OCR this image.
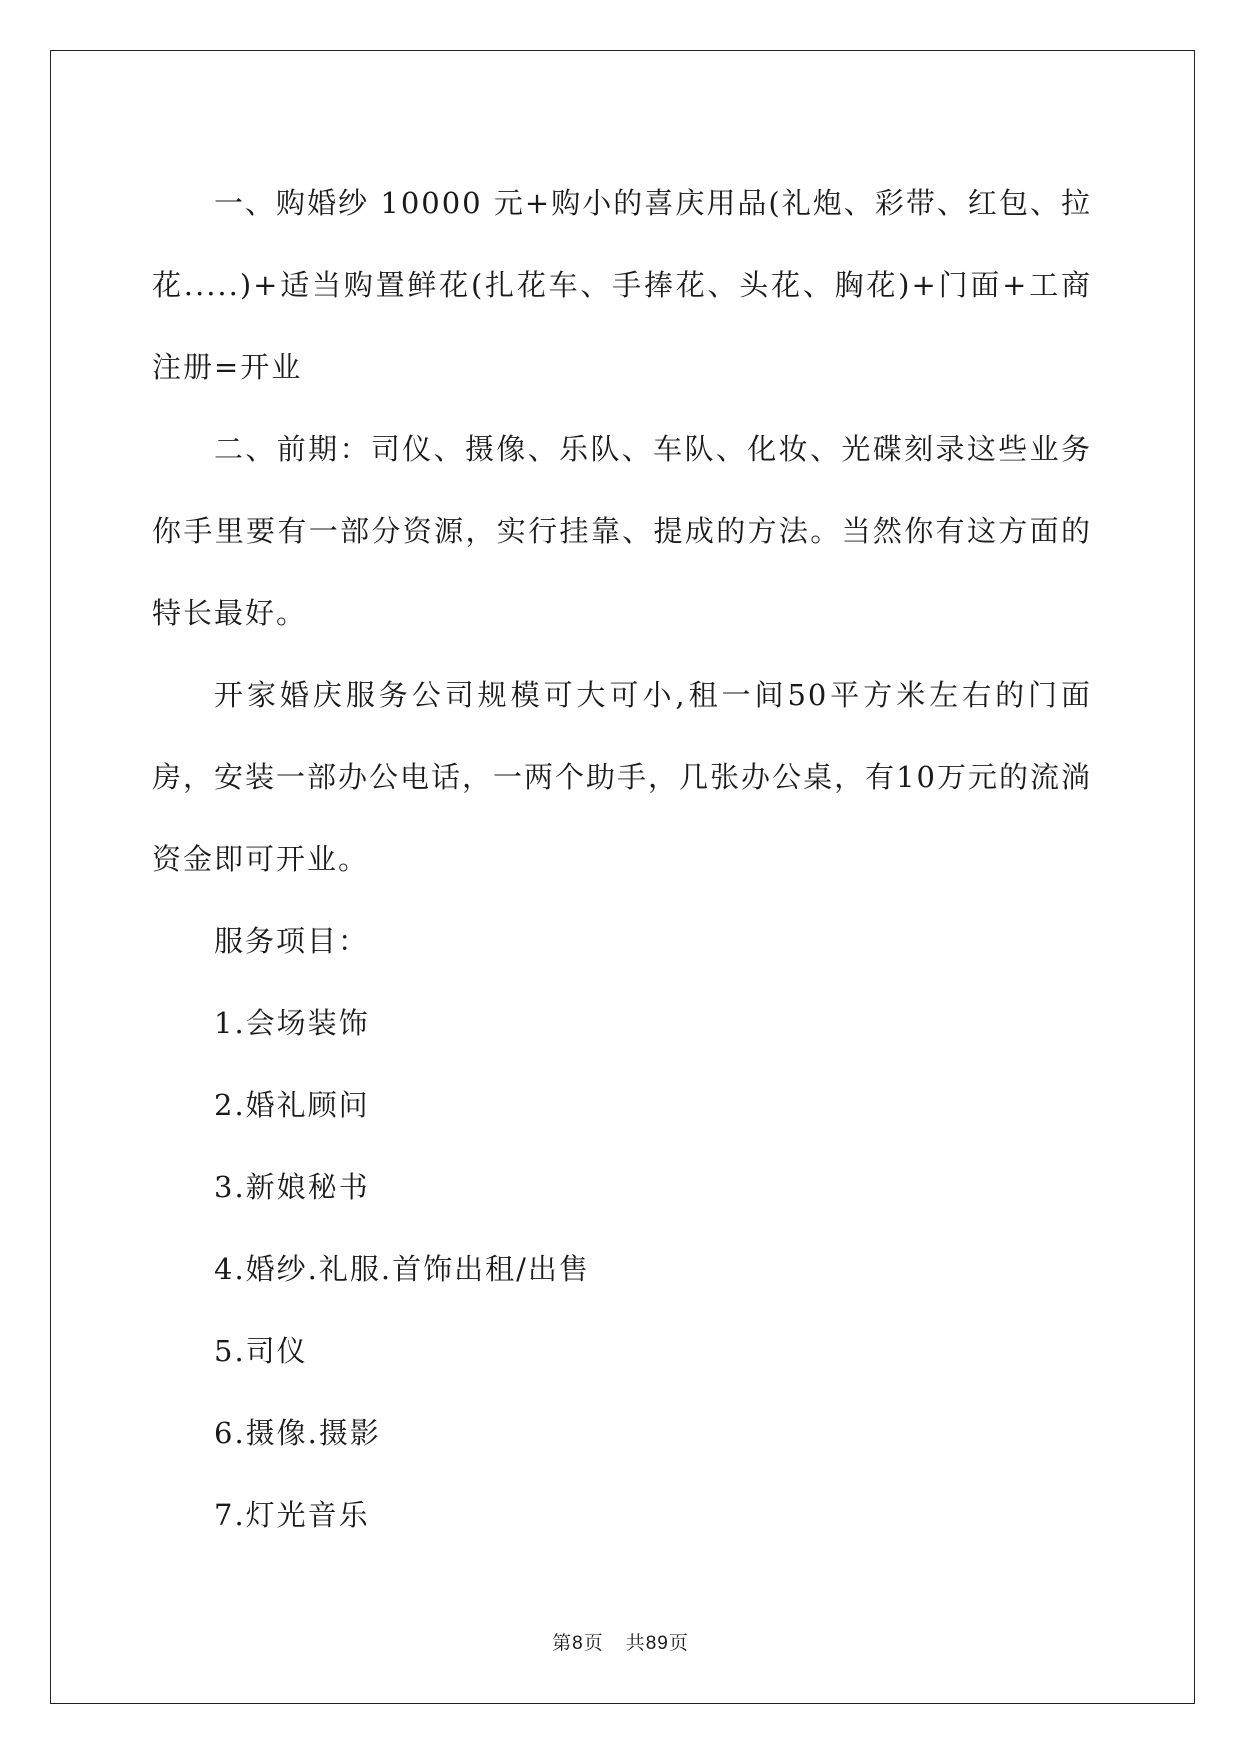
一、购婚纱 10000 元+购小的喜庆用品(礼炮、彩带、红包、拉花.....)+适当购置鲜花(扎花车、手捧花、头花、胸花)+门面+工商注册=开业

二、前期：司仪、摄像、乐队、车队、化妆、光碟刻录这些业务你手里要有一部分资源，实行挂靠、提成的方法。当然你有这方面的特长最好。

开家婚庆服务公司规模可大可小,租一间50平方米左右的门面房，安装一部办公电话，一两个助手，几张办公桌，有10万元的流淌资金即可开业。

服务项目：

1.会场装饰

2.婚礼顾问

3.新娘秘书

4.婚纱.礼服.首饰出租/出售

5.司仪

6.摄像.摄影

7.灯光音乐

第8页 共89页
